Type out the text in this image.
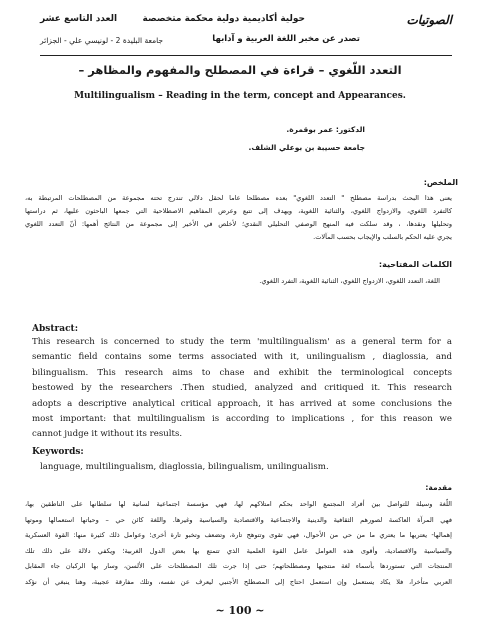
الصوتيات
حولية أكاديمية دولية محكمة متخصصة
العدد التاسع عشر
تصدر عن مخبر اللغة العربية و آدابها
جامعة البليدة 2 - لونيسي علي - الجزائر
التعدد اللّغوي – قراءة في المصطلح والمفهوم والمظاهر –
Multilingualism – Reading in the term, concept and Appearances.
الدكتور: عمر بوقمرة.
جامعة حسيبة بن بوعلي الشلف.
الملخص:
يعنى هذا البحث بدراسة مصطلح " التعدد اللغوي" بعده مصطلحا عاما لحقل دلالي تندرج تحته مجموعة من المصطلحات المرتبطة به،
كالتفرد اللغوي، والازدواج اللغوي، والثنائية اللغوية، ويهدف إلى تتبع وعرض المفاهيم الاصطلاحية التي جمعها الباحثون عليها، ثم دراستها
وتحليلها ونقدها، ، وقد سلكت فيه المنهج الوصفي التحليلي النقدي؛ لأخلص في الأخير إلى مجموعة من النتائج أهمها: أنّ التعدد اللغوي
يجري عليه الحكم بالسلب والإيجاب بحسب المآلات.
الكلمات المفتاحية:
اللغة، التعدد اللغوي، الازدواج اللغوي، الثنائية اللغوية، التفرد اللغوي.
Abstract:
This research is concerned to study the term 'multilingualism' as a general term for a
semantic field contains some terms associated with it, unilingualism , diaglossia, and
bilingualism. This research aims to chase and exhibit the terminological concepts
bestowed by the researchers .Then studied, analyzed and critiqued it. This research
adopts a descriptive analytical critical approach, it has arrived at some conclusions the
most important: that multilingualism is according to implications , for this reason we
cannot judge it without its results.
Keywords:
language, multilingualism, diaglossia, bilingualism, unilingualism.
مقدمة:
اللّغة وسيلة للتواصل بين أفراد المجتمع الواحد بحكم امتلاكهم لها، فهي مؤسسة اجتماعية لسانية لها سلطانها على الناطقين بها،
فهي المرآة العاكسة لصورهم الثقافية والدينية والاجتماعية والاقتصادية والسياسية وغيرها. واللغة كائن حي – وحياتها استعمالها وموتها
إهمالها- يعتريها ما يعتري ما من حي من الأحوال، فهي تقوى وتتوهج تارة، وتضعف وتخبو تارة أخرى؛ وعوامل ذلك كثيرة منها: القوة العسكرية
والسياسية والاقتصادية، وأقوى هذه العوامل عامل القوة العلمية الذي تتمتع بها بعض الدول الغربية؛ ويكفي دلالة على ذلك تلك
المنتجات التي تستوردها بأسماء لغة منتجيها ومصطلحاتهم؛ حتى إذا جرت تلك المصطلحات على الألسن، وسار بها الركبان جاء المقابل
العربي متأخرا، فلا يكاد يستعمل وإن استعمل احتاج إلى المصطلح الأجنبي ليعرف عن نفسه، وتلك مفارقة عجيبة، وهنا ينبغي أن نؤكد
~ 100 ~
